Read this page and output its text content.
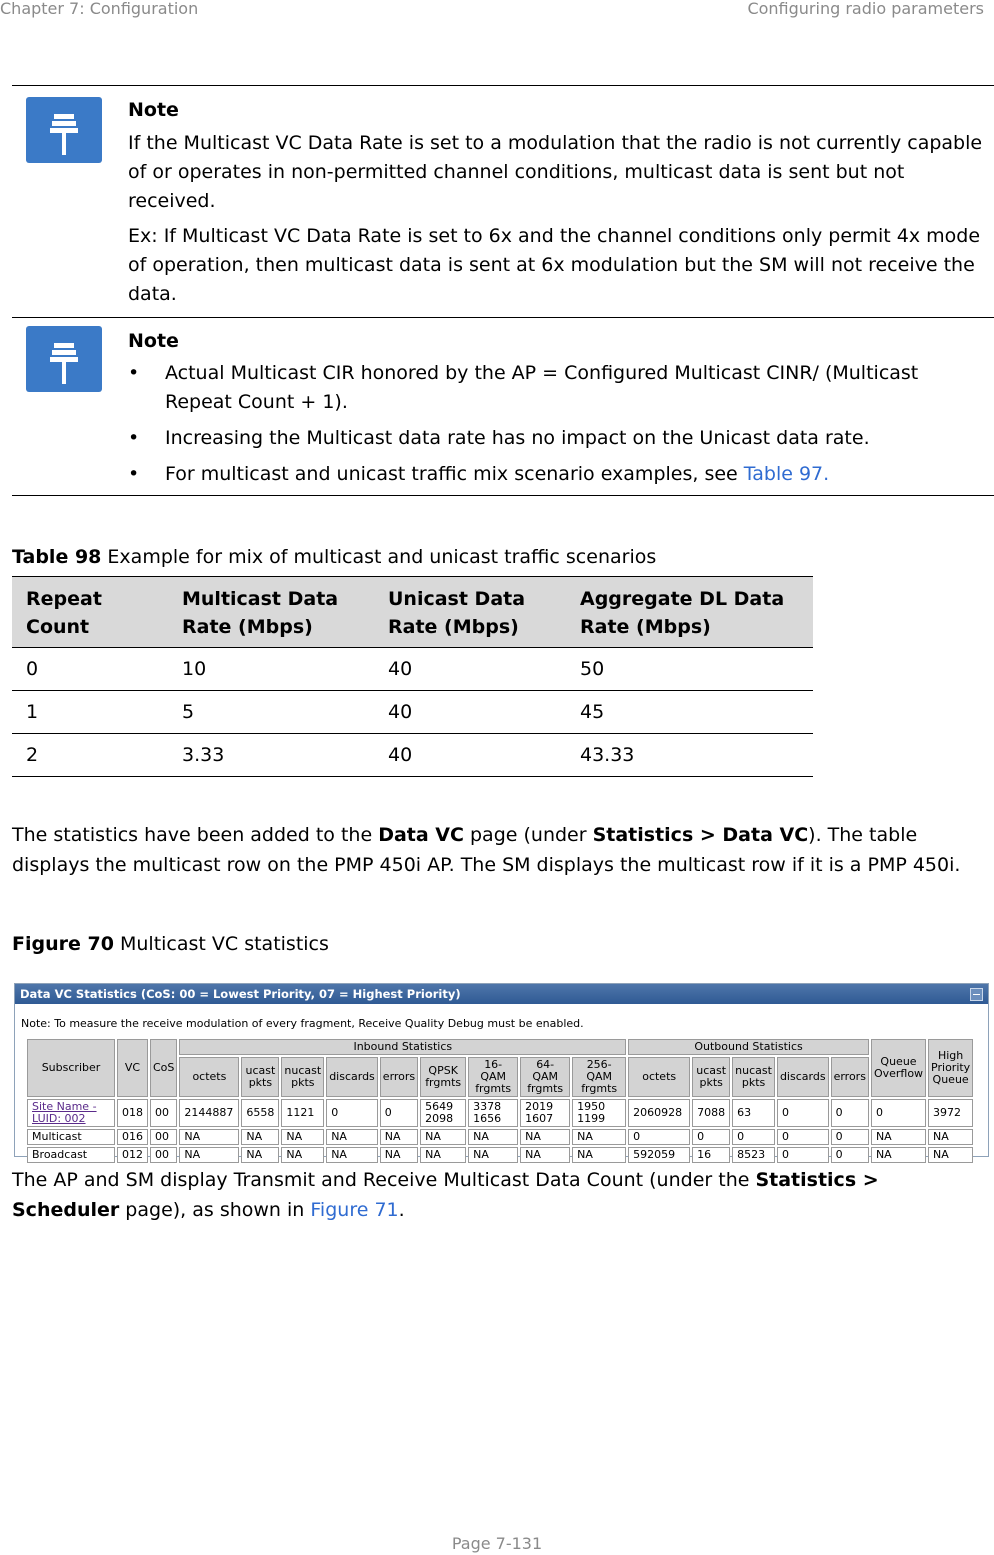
Chapter 7: Configuration	Configuring radio parameters

Note

If the Multicast VC Data Rate is set to a modulation that the radio is not currently capable of or operates in non-permitted channel conditions, multicast data is sent but not received.

Ex: If Multicast VC Data Rate is set to 6x and the channel conditions only permit 4x mode of operation, then multicast data is sent at 6x modulation but the SM will not receive the data.

Note

• Actual Multicast CIR honored by the AP = Configured Multicast CINR/ (Multicast Repeat Count + 1).
• Increasing the Multicast data rate has no impact on the Unicast data rate.
• For multicast and unicast traffic mix scenario examples, see Table 97.
Table 98 Example for mix of multicast and unicast traffic scenarios
Repeat Count	Multicast Data Rate (Mbps)	Unicast Data Rate (Mbps)	Aggregate DL Data Rate (Mbps)
0	10	40	50
1	5	40	45
2	3.33	40	43.33
The statistics have been added to the Data VC page (under Statistics > Data VC). The table displays the multicast row on the PMP 450i AP. The SM displays the multicast row if it is a PMP 450i.
Figure 70 Multicast VC statistics
Data VC Statistics (CoS: 00 = Lowest Priority, 07 = Highest Priority)
Note: To measure the receive modulation of every fragment, Receive Quality Debug must be enabled.
Subscriber	VC	CoS	Inbound Statistics									Outbound Statistics					Queue Overflow	High Priority Queue
			octets	ucast pkts	nucast pkts	discards	errors	QPSK frgmts	16-QAM frgmts	64-QAM frgmts	256-QAM frgmts	octets	ucast pkts	nucast pkts	discards	errors		
Site Name - LUID: 002	018	00	2144887	6558	1121	0	0	5649 2098	3378 1656	2019 1607	1950 1199	2060928	7088	63	0	0	0	3972
Multicast	016	00	NA	NA	NA	NA	NA	NA	NA	NA	NA	0	0	0	0	0	NA	NA
Broadcast	012	00	NA	NA	NA	NA	NA	NA	NA	NA	NA	592059	16	8523	0	0	NA	NA
The AP and SM display Transmit and Receive Multicast Data Count (under the Statistics > Scheduler page), as shown in Figure 71.
Page 7-131
